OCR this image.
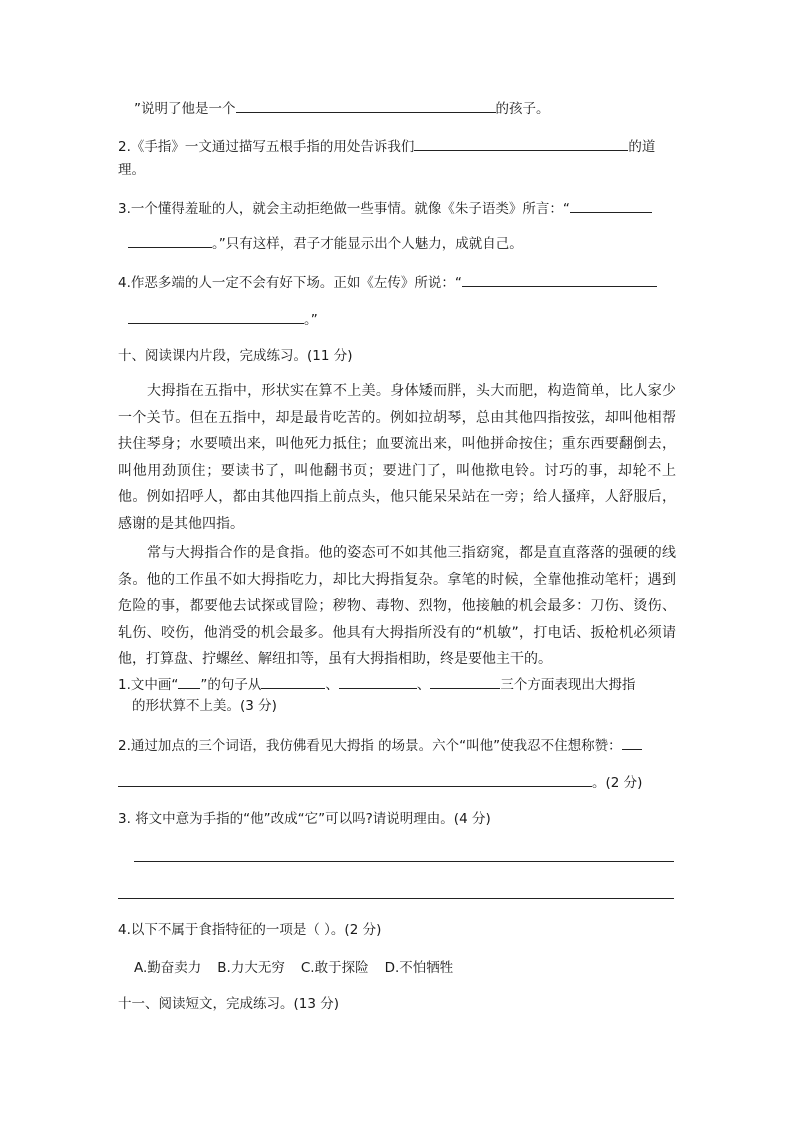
”说明了他是一个	的孩子。
2.《手指》一文通过描写五根手指的用处告诉我们	的道
理。
3.一个懂得羞耻的人，就会主动拒绝做一些事情。就像《朱子语类》所言：“
。”只有这样，君子才能显示出个人魅力，成就自己。
4.作恶多端的人一定不会有好下场。正如《左传》所说：“
。”
十、阅读课内片段，完成练习。(11 分)
大拇指在五指中，形状实在算不上美。身体矮而胖，头大而肥，构造简单，比人家少一个关节。但在五指中，却是最肯吃苦的。例如拉胡琴，总由其他四指按弦，却叫他相帮扶住琴身；水要喷出来，叫他死力抵住；血要流出来，叫他拼命按住；重东西要翻倒去，叫他用劲顶住；要读书了，叫他翻书页；要进门了，叫他揿电铃。讨巧的事，却轮不上他。例如招呼人，都由其他四指上前点头，他只能呆呆站在一旁；给人搔痒，人舒服后，感谢的是其他四指。
常与大拇指合作的是食指。他的姿态可不如其他三指窈窕，都是直直落落的强硬的线条。他的工作虽不如大拇指吃力，却比大拇指复杂。拿笔的时候，全靠他推动笔杆；遇到危险的事，都要他去试探或冒险；秽物、毒物、烈物，他接触的机会最多：刀伤、烫伤、轧伤、咬伤，他消受的机会最多。他具有大拇指所没有的“机敏”，打电话、扳枪机必须请他，打算盘、拧螺丝、解纽扣等，虽有大拇指相助，终是要他主干的。
1.文中画“ ”的句子从	、	、	三个方面表现出大拇指
的形状算不上美。(3 分)
2.通过加点的三个词语，我仿佛看见大拇指 的场景。六个“叫他”使我忍不住想称赞：
。(2 分)
3. 将文中意为手指的“他”改成“它”可以吗?请说明理由。(4 分)
4.以下不属于食指特征的一项是（ ）。(2 分)
A.勤奋卖力 B.力大无穷 C.敢于探险 D.不怕牺牲
十一、阅读短文，完成练习。(13 分)
